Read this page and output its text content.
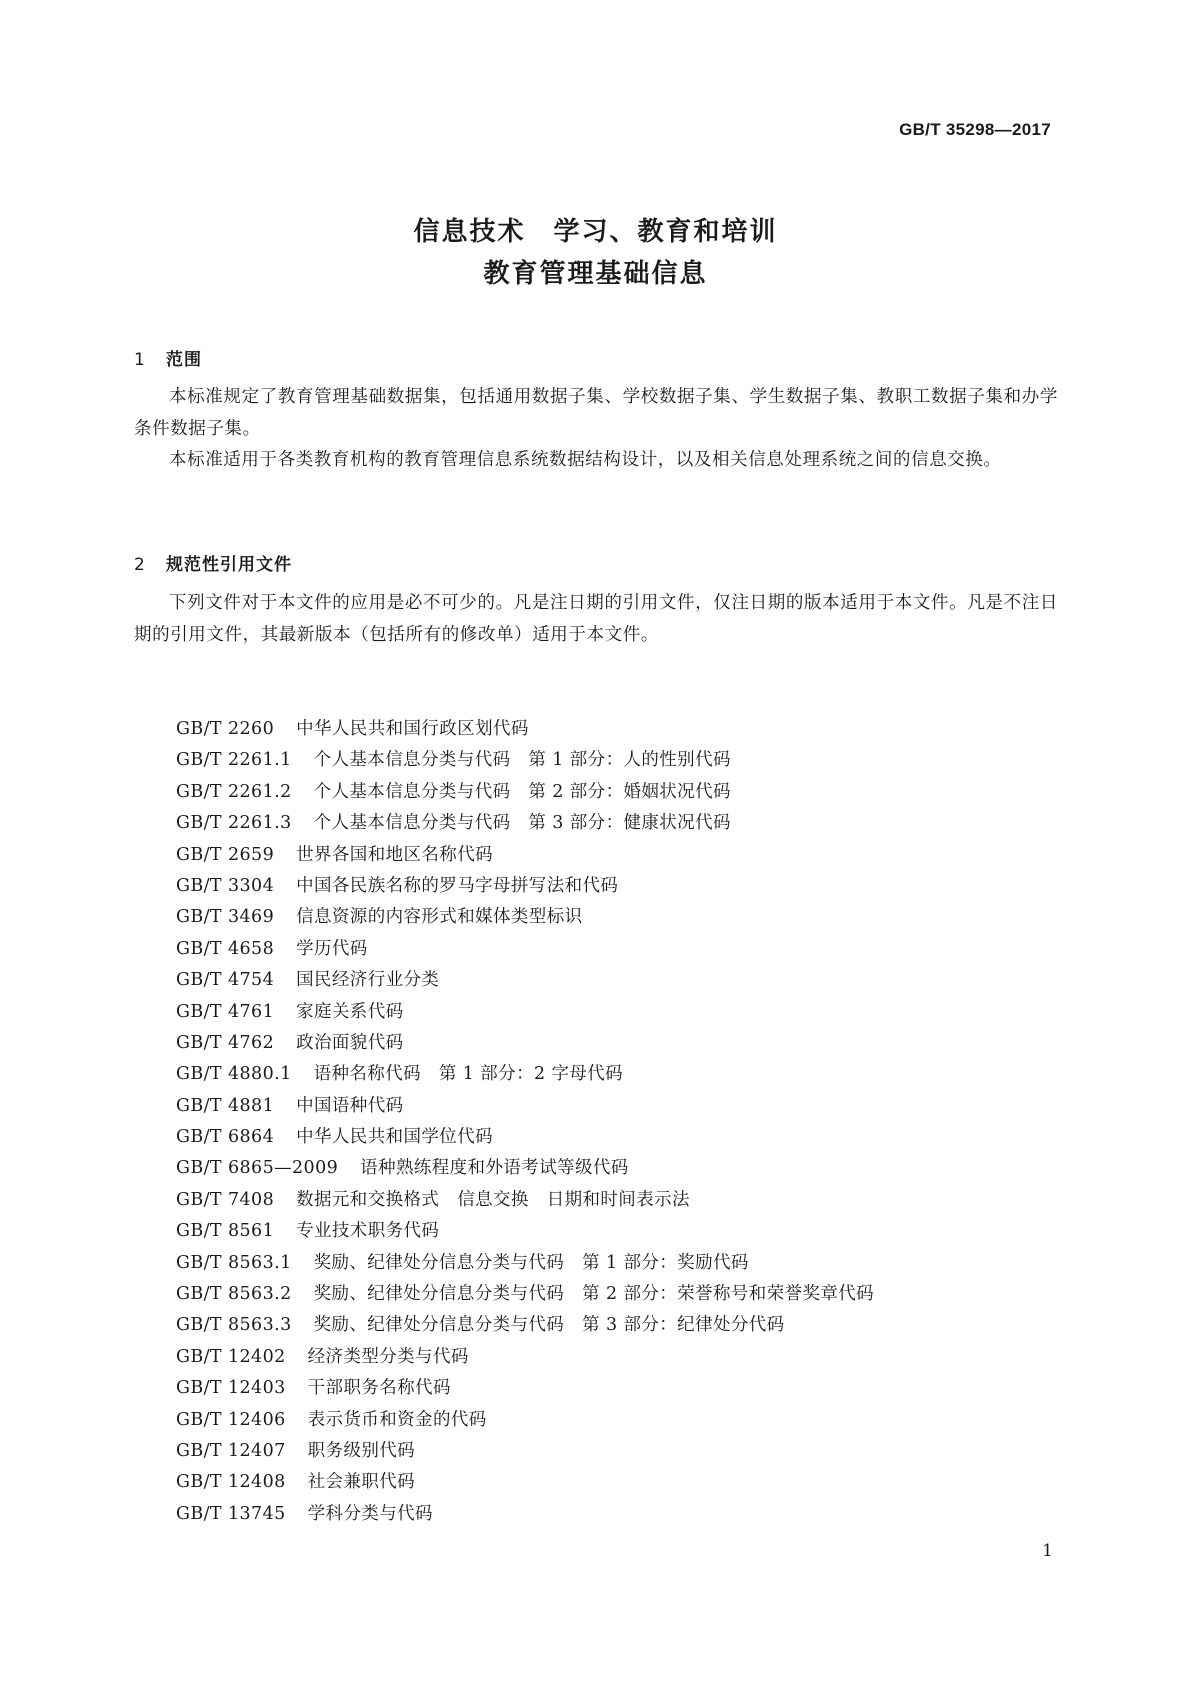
GB/T 35298—2017
信息技术 学习、教育和培训
教育管理基础信息
1 范围

本标准规定了教育管理基础数据集，包括通用数据子集、学校数据子集、学生数据子集、教职工数据子集和办学条件数据子集。

本标准适用于各类教育机构的教育管理信息系统数据结构设计，以及相关信息处理系统之间的信息交换。

2 规范性引用文件

下列文件对于本文件的应用是必不可少的。凡是注日期的引用文件，仅注日期的版本适用于本文件。凡是不注日期的引用文件，其最新版本（包括所有的修改单）适用于本文件。

GB/T 2260 中华人民共和国行政区划代码
GB/T 2261.1 个人基本信息分类与代码　第 1 部分：人的性别代码
GB/T 2261.2 个人基本信息分类与代码　第 2 部分：婚姻状况代码
GB/T 2261.3 个人基本信息分类与代码　第 3 部分：健康状况代码
GB/T 2659 世界各国和地区名称代码
GB/T 3304 中国各民族名称的罗马字母拼写法和代码
GB/T 3469 信息资源的内容形式和媒体类型标识
GB/T 4658 学历代码
GB/T 4754 国民经济行业分类
GB/T 4761 家庭关系代码
GB/T 4762 政治面貌代码
GB/T 4880.1 语种名称代码　第 1 部分：2 字母代码
GB/T 4881 中国语种代码
GB/T 6864 中华人民共和国学位代码
GB/T 6865—2009 语种熟练程度和外语考试等级代码
GB/T 7408 数据元和交换格式　信息交换　日期和时间表示法
GB/T 8561 专业技术职务代码
GB/T 8563.1 奖励、纪律处分信息分类与代码　第 1 部分：奖励代码
GB/T 8563.2 奖励、纪律处分信息分类与代码　第 2 部分：荣誉称号和荣誉奖章代码
GB/T 8563.3 奖励、纪律处分信息分类与代码　第 3 部分：纪律处分代码
GB/T 12402 经济类型分类与代码
GB/T 12403 干部职务名称代码
GB/T 12406 表示货币和资金的代码
GB/T 12407 职务级别代码
GB/T 12408 社会兼职代码
GB/T 13745 学科分类与代码
1
